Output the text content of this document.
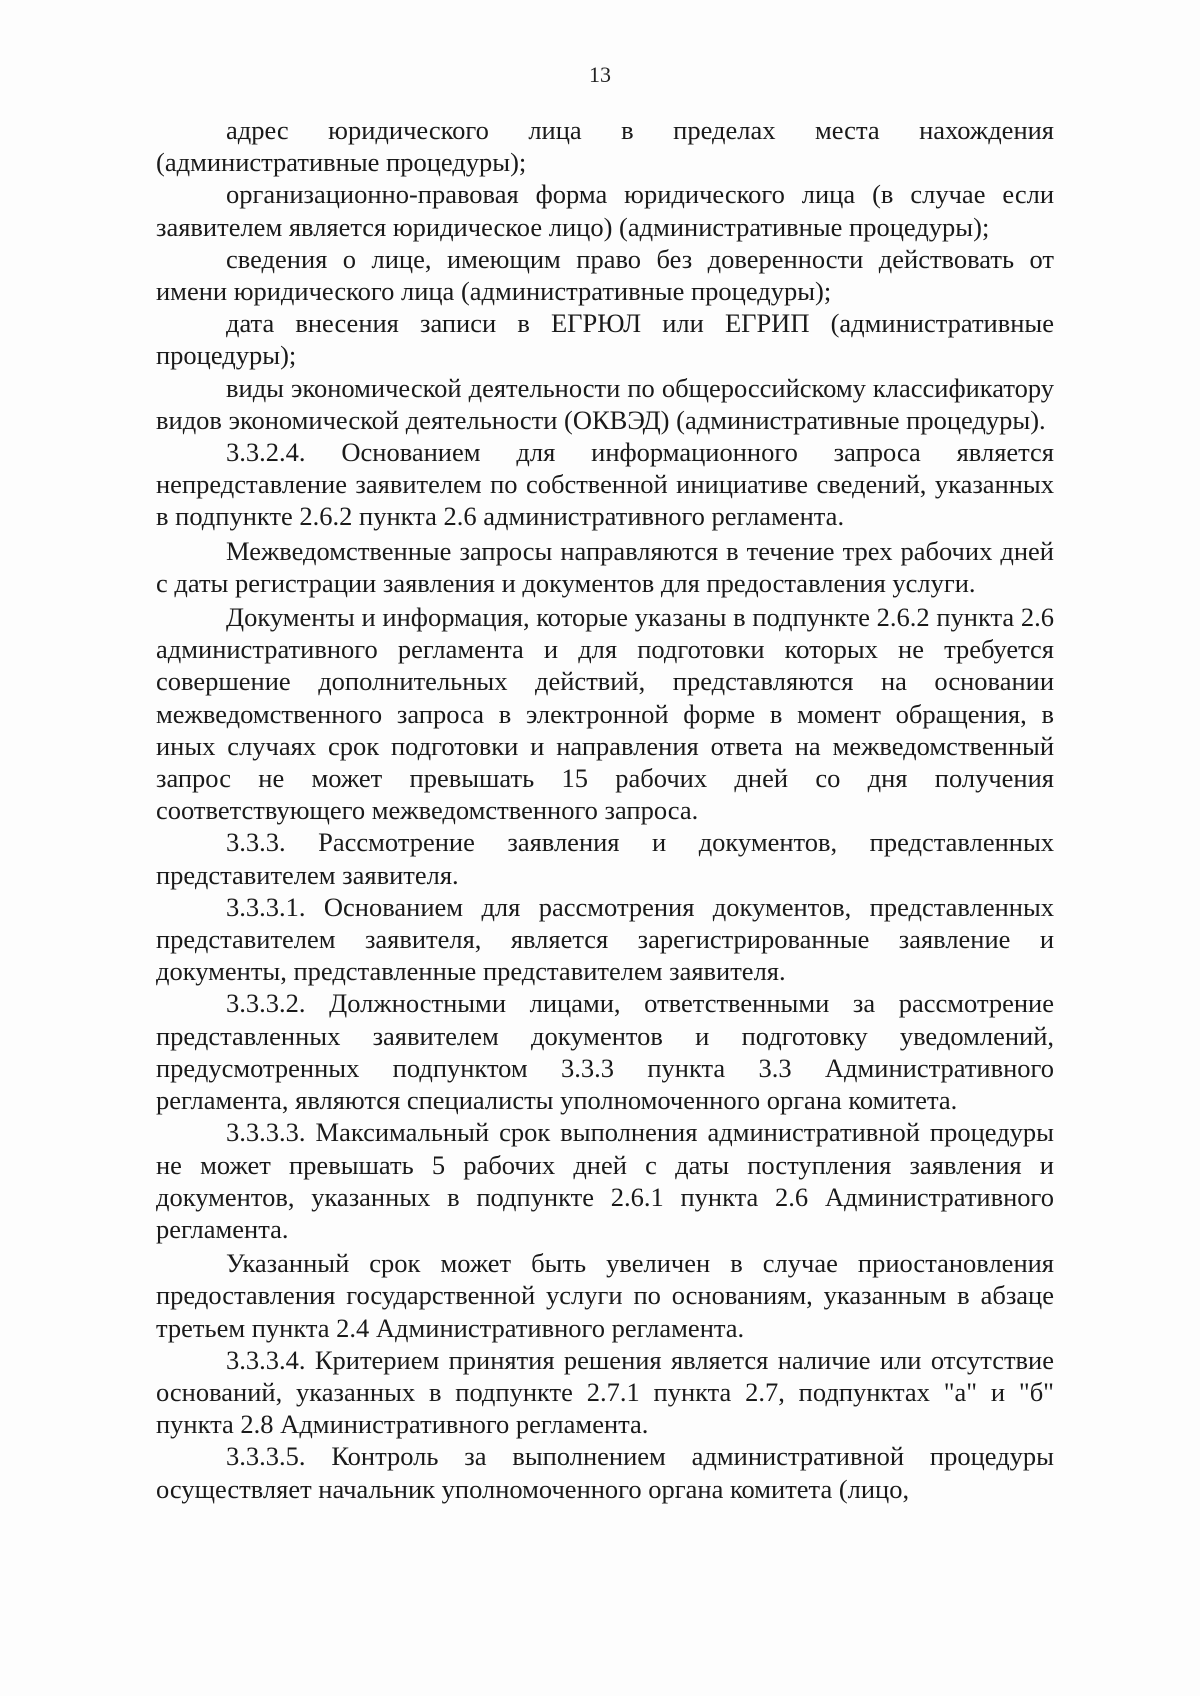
13

адрес юридического лица в пределах места нахождения (административные процедуры);

организационно-правовая форма юридического лица (в случае если заявителем является юридическое лицо) (административные процедуры);

сведения о лице, имеющим право без доверенности действовать от имени юридического лица (административные процедуры);

дата внесения записи в ЕГРЮЛ или ЕГРИП (административные процедуры);

виды экономической деятельности по общероссийскому классификатору видов экономической деятельности (ОКВЭД) (административные процедуры).

3.3.2.4. Основанием для информационного запроса является непредставление заявителем по собственной инициативе сведений, указанных в подпункте 2.6.2 пункта 2.6 административного регламента.

Межведомственные запросы направляются в течение трех рабочих дней с даты регистрации заявления и документов для предоставления услуги.

Документы и информация, которые указаны в подпункте 2.6.2 пункта 2.6 административного регламента и для подготовки которых не требуется совершение дополнительных действий, представляются на основании межведомственного запроса в электронной форме в момент обращения, в иных случаях срок подготовки и направления ответа на межведомственный запрос не может превышать 15 рабочих дней со дня получения соответствующего межведомственного запроса.

3.3.3. Рассмотрение заявления и документов, представленных представителем заявителя.

3.3.3.1. Основанием для рассмотрения документов, представленных представителем заявителя, является зарегистрированные заявление и документы, представленные представителем заявителя.

3.3.3.2. Должностными лицами, ответственными за рассмотрение представленных заявителем документов и подготовку уведомлений, предусмотренных подпунктом 3.3.3 пункта 3.3 Административного регламента, являются специалисты уполномоченного органа комитета.

3.3.3.3. Максимальный срок выполнения административной процедуры не может превышать 5 рабочих дней с даты поступления заявления и документов, указанных в подпункте 2.6.1 пункта 2.6 Административного регламента.

Указанный срок может быть увеличен в случае приостановления предоставления государственной услуги по основаниям, указанным в абзаце третьем пункта 2.4 Административного регламента.

3.3.3.4. Критерием принятия решения является наличие или отсутствие оснований, указанных в подпункте 2.7.1 пункта 2.7, подпунктах "а" и "б" пункта 2.8 Административного регламента.

3.3.3.5. Контроль за выполнением административной процедуры осуществляет начальник уполномоченного органа комитета (лицо,
